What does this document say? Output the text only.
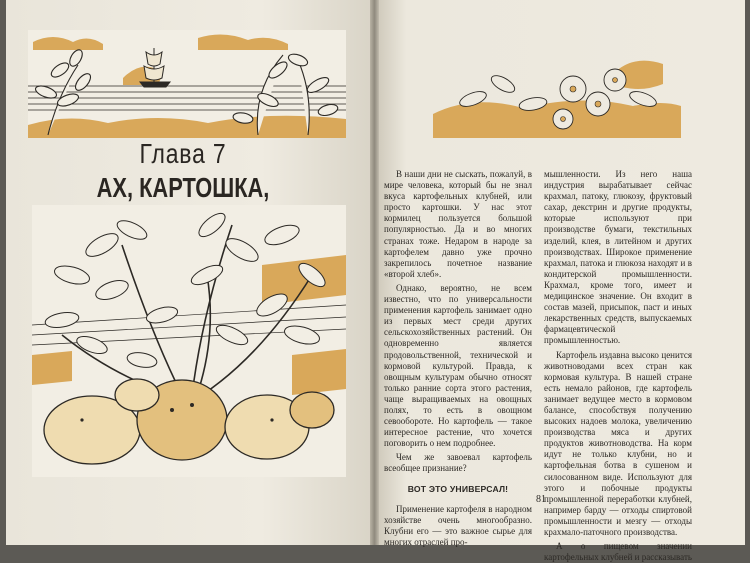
Глава 7
АХ, КАРТОШКА,	В наши дни не сыскать, пожалуй, в мире человека, который бы не знал вкуса картофельных клубней, или просто картошки. У нас этот кормилец пользуется большой популярностью. Да и во многих странах тоже. Недаром в народе за картофелем давно уже прочно закрепилось почетное название «второй хлеб».

Однако, вероятно, не всем известно, что по универсальности применения картофель занимает одно из первых мест среди других сельскохозяйственных растений. Он одновременно является продовольственной, технической и кормовой культурой. Правда, к овощным культурам обычно относят только ранние сорта этого растения, чаще выращиваемых на овощных полях, то есть в овощном севообороте. Но картофель — такое интересное растение, что хочется поговорить о нем подробнее.

Чем же завоевал картофель всеобщее признание?

ВОТ ЭТО УНИВЕРСАЛ!

Применение картофеля в народном хозяйстве очень многообразно. Клубни его — это важное сырье для многих отраслей про-

мышленности. Из него наша индустрия вырабатывает сейчас крахмал, патоку, глюкозу, фруктовый сахар, декстрин и другие продукты, которые используют при производстве бумаги, текстильных изделий, клея, в литейном и других производствах. Широкое применение крахмал, патока и глюкоза находят и в кондитерской промышленности. Крахмал, кроме того, имеет и медицинское значение. Он входит в состав мазей, присыпок, паст и иных лекарственных средств, выпускаемых фармацевтической промышленностью.

Картофель издавна высоко ценится животноводами всех стран как кормовая культура. В нашей стране есть немало районов, где картофель занимает ведущее место в кормовом балансе, способствуя получению высоких надоев молока, увеличению производства мяса и других продуктов животноводства. На корм идут не только клубни, но и картофельная ботва в сушеном и силосованном виде. Используют для этого и побочные продукты промышленной переработки клубней, например барду — отходы спиртовой промышленности и мезгу — отходы крахмало-паточного производства.

А о пищевом значении картофельных клубней и рассказывать

81
